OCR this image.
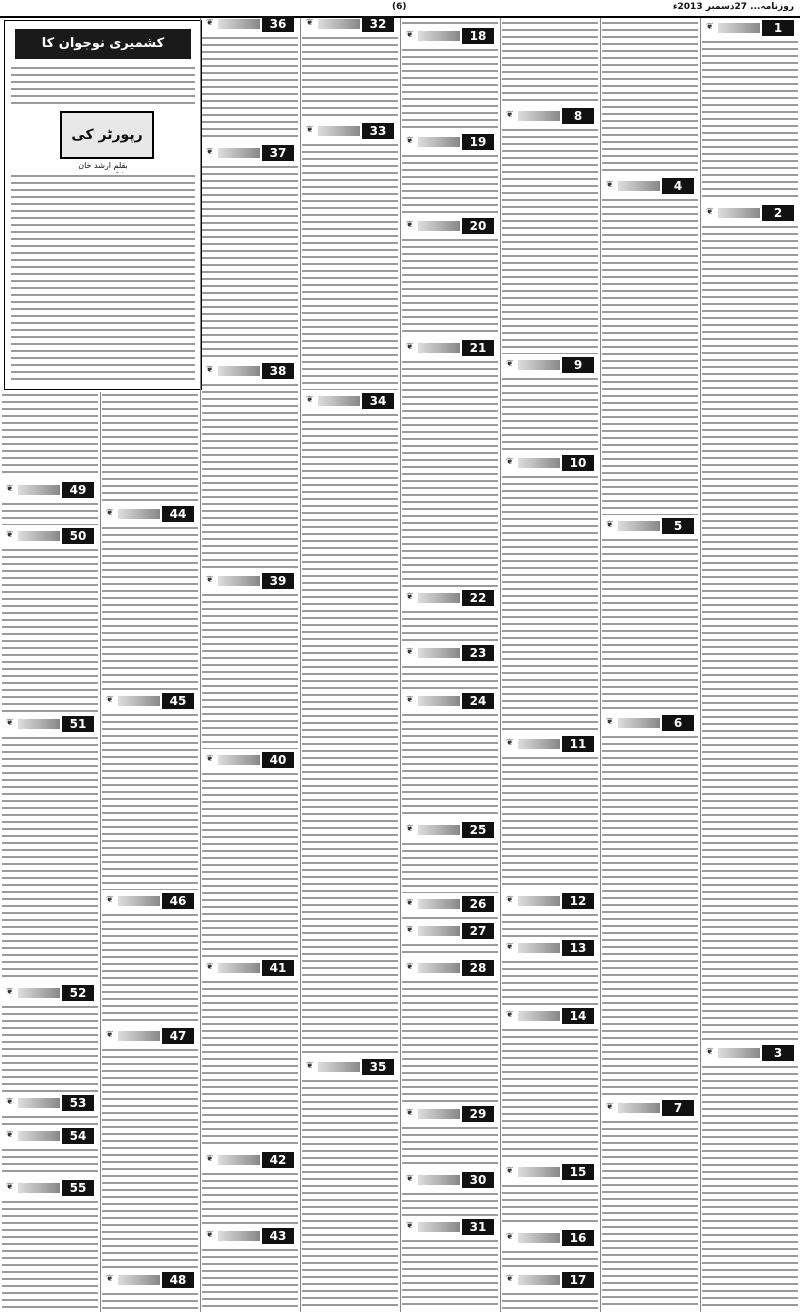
(6)	روزنامہ... 27دسمبر 2013ء
کشمیری نوجوان کا
رپورٹر کی
بقلم ارشد خان
49
❦
50
❦
51
❦
52
❦
53
❦
54
❦
55
❦
44
❦
45
❦
46
❦
47
❦
48
❦
36
❦
37
❦
38
❦
39
❦
40
❦
41
❦
42
❦
43
❦
32
❦
33
❦
34
❦
35
❦
18
❦
19
❦
20
❦
21
❦
22
❦
23
❦
24
❦
25
❦
26
❦
27
❦
28
❦
29
❦
30
❦
31
❦
8
❦
9
❦
10
❦
11
❦
12
❦
13
❦
14
❦
15
❦
16
❦
17
❦
4
❦
5
❦
6
❦
7
❦
1
❦
2
❦
3
❦
